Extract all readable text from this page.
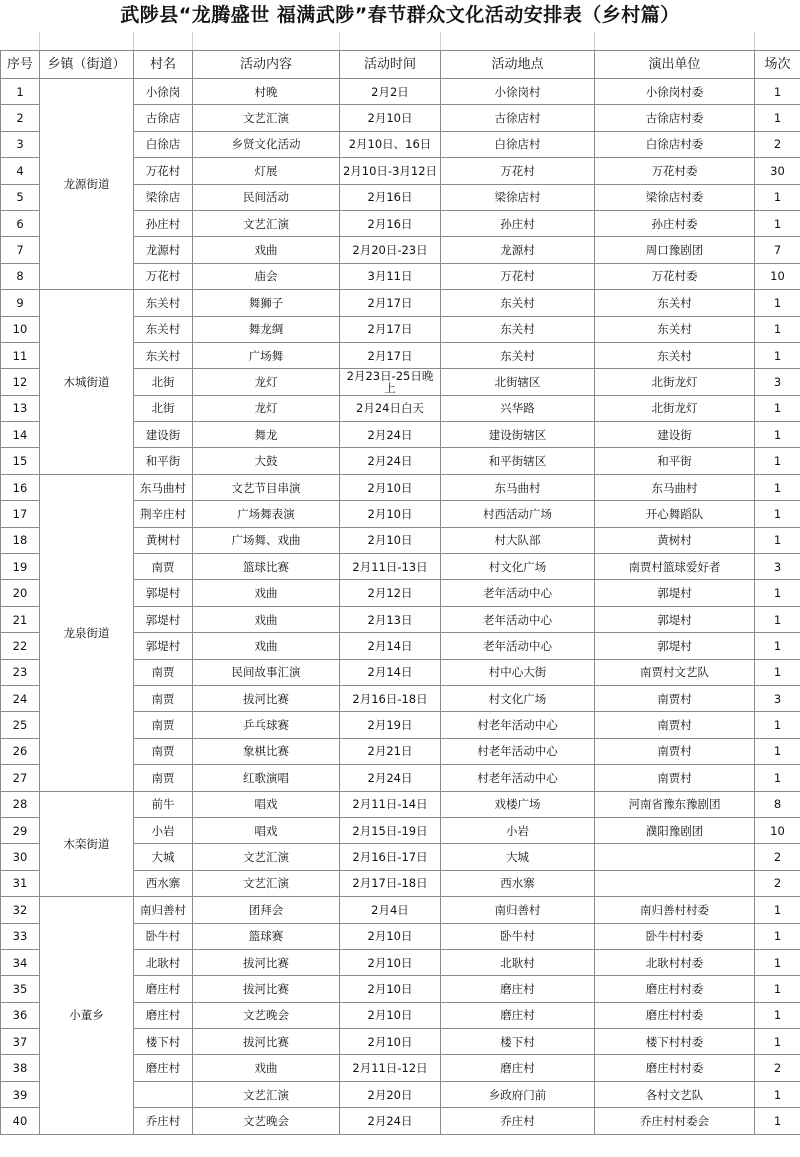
武陟县“龙腾盛世 福满武陟”春节群众文化活动安排表（乡村篇）
序号	乡镇（街道）	村名	活动内容	活动时间	活动地点	演出单位	场次
1	龙源街道	小徐岗	村晚	2月2日	小徐岗村	小徐岗村委	1
2		古徐店	文艺汇演	2月10日	古徐店村	古徐店村委	1
3		白徐店	乡贤文化活动	2月10日、16日	白徐店村	白徐店村委	2
4		万花村	灯展	2月10日-3月12日	万花村	万花村委	30
5		梁徐店	民间活动	2月16日	梁徐店村	梁徐店村委	1
6		孙庄村	文艺汇演	2月16日	孙庄村	孙庄村委	1
7		龙源村	戏曲	2月20日-23日	龙源村	周口豫剧团	7
8		万花村	庙会	3月11日	万花村	万花村委	10
9	木城街道	东关村	舞狮子	2月17日	东关村	东关村	1
10		东关村	舞龙绸	2月17日	东关村	东关村	1
11		东关村	广场舞	2月17日	东关村	东关村	1
12		北街	龙灯	2月23日-25日晚上	北街辖区	北街龙灯	3
13		北街	龙灯	2月24日白天	兴华路	北街龙灯	1
14		建设街	舞龙	2月24日	建设街辖区	建设街	1
15		和平街	大鼓	2月24日	和平街辖区	和平街	1
16	龙泉街道	东马曲村	文艺节目串演	2月10日	东马曲村	东马曲村	1
17		荆辛庄村	广场舞表演	2月10日	村西活动广场	开心舞蹈队	1
18		黄树村	广场舞、戏曲	2月10日	村大队部	黄树村	1
19		南贾	篮球比赛	2月11日-13日	村文化广场	南贾村篮球爱好者	3
20		郭堤村	戏曲	2月12日	老年活动中心	郭堤村	1
21		郭堤村	戏曲	2月13日	老年活动中心	郭堤村	1
22		郭堤村	戏曲	2月14日	老年活动中心	郭堤村	1
23		南贾	民间故事汇演	2月14日	村中心大街	南贾村文艺队	1
24		南贾	拔河比赛	2月16日-18日	村文化广场	南贾村	3
25		南贾	乒乓球赛	2月19日	村老年活动中心	南贾村	1
26		南贾	象棋比赛	2月21日	村老年活动中心	南贾村	1
27		南贾	红歌演唱	2月24日	村老年活动中心	南贾村	1
28	木栾街道	前牛	唱戏	2月11日-14日	戏楼广场	河南省豫东豫剧团	8
29		小岩	唱戏	2月15日-19日	小岩	濮阳豫剧团	10
30		大城	文艺汇演	2月16日-17日	大城		2
31		西水寨	文艺汇演	2月17日-18日	西水寨		2
32	小董乡	南归善村	团拜会	2月4日	南归善村	南归善村村委	1
33		卧牛村	篮球赛	2月10日	卧牛村	卧牛村村委	1
34		北耿村	拔河比赛	2月10日	北耿村	北耿村村委	1
35		磨庄村	拔河比赛	2月10日	磨庄村	磨庄村村委	1
36		磨庄村	文艺晚会	2月10日	磨庄村	磨庄村村委	1
37		楼下村	拔河比赛	2月10日	楼下村	楼下村村委	1
38		磨庄村	戏曲	2月11日-12日	磨庄村	磨庄村村委	2
39			文艺汇演	2月20日	乡政府门前	各村文艺队	1
40		乔庄村	文艺晚会	2月24日	乔庄村	乔庄村村委会	1
